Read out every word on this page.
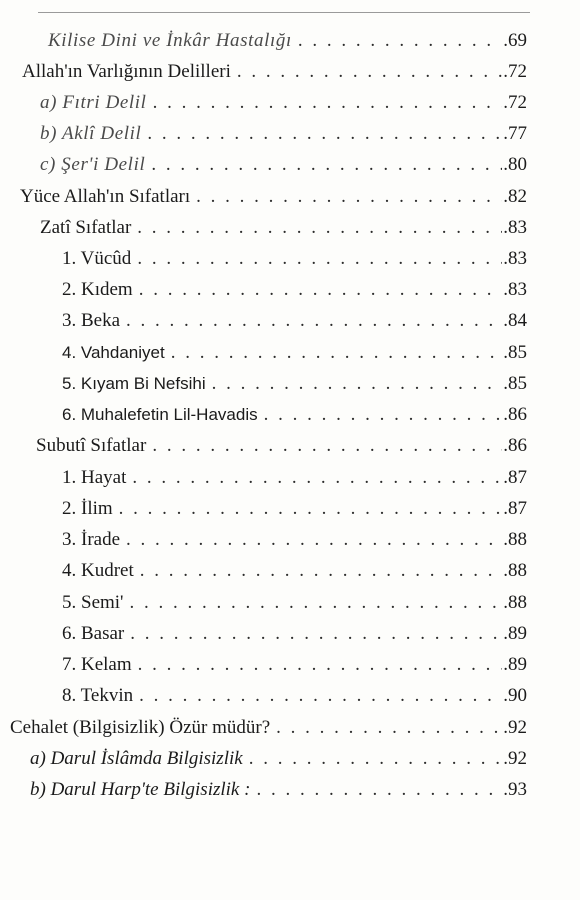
Kilise Dini ve İnkâr Hastalığı . . .	.69
Allah'ın Varlığının Delilleri . . .	.72
a) Fıtri Delil . . .	.72
b) Aklî Delil . . .	.77
c) Şer'i Delil . . .	.80
Yüce Allah'ın Sıfatları . . .	.82
Zatî Sıfatlar . . .	.83
1. Vücûd . . .	.83
2. Kıdem . . .	.83
3. Beka . . .	.84
4. Vahdaniyet . . .	.85
5. Kıyam Bi Nefsihi . . .	.85
6. Muhalefetin Lil-Havadis . . .	.86
Subutî Sıfatlar . . .	.86
1. Hayat . . .	.87
2. İlim . . .	.87
3. İrade . . .	.88
4. Kudret . . .	.88
5. Semi' . . .	.88
6. Basar . . .	.89
7. Kelam . . .	.89
8. Tekvin . . .	.90
Cehalet (Bilgisizlik) Özür müdür? . . .	.92
a) Darul İslâmda Bilgisizlik . . .	.92
b) Darul Harp'te Bilgisizlik : . . .	.93
